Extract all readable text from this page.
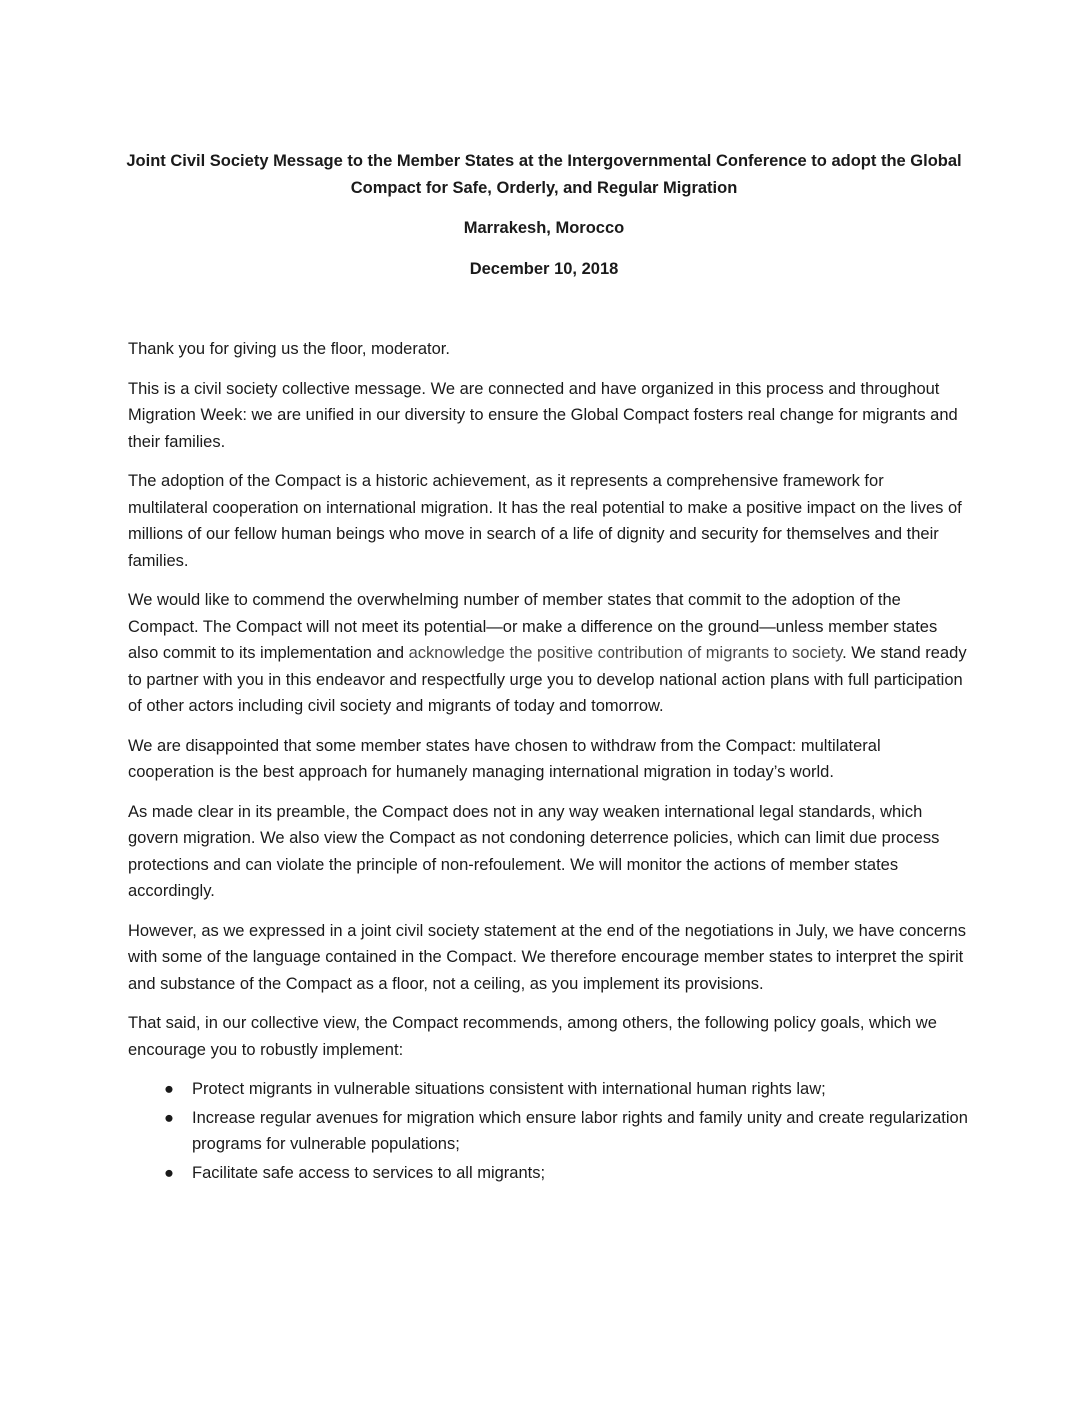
Joint Civil Society Message to the Member States at the Intergovernmental Conference to adopt the Global Compact for Safe, Orderly, and Regular Migration

Marrakesh, Morocco

December 10, 2018

Thank you for giving us the floor, moderator.

This is a civil society collective message. We are connected and have organized in this process and throughout Migration Week: we are unified in our diversity to ensure the Global Compact fosters real change for migrants and their families.

The adoption of the Compact is a historic achievement, as it represents a comprehensive framework for multilateral cooperation on international migration. It has the real potential to make a positive impact on the lives of millions of our fellow human beings who move in search of a life of dignity and security for themselves and their families.

We would like to commend the overwhelming number of member states that commit to the adoption of the Compact. The Compact will not meet its potential—or make a difference on the ground—unless member states also commit to its implementation and acknowledge the positive contribution of migrants to society. We stand ready to partner with you in this endeavor and respectfully urge you to develop national action plans with full participation of other actors including civil society and migrants of today and tomorrow.

We are disappointed that some member states have chosen to withdraw from the Compact: multilateral cooperation is the best approach for humanely managing international migration in today’s world.

As made clear in its preamble, the Compact does not in any way weaken international legal standards, which govern migration. We also view the Compact as not condoning deterrence policies, which can limit due process protections and can violate the principle of non-refoulement. We will monitor the actions of member states accordingly.

However, as we expressed in a joint civil society statement at the end of the negotiations in July, we have concerns with some of the language contained in the Compact. We therefore encourage member states to interpret the spirit and substance of the Compact as a floor, not a ceiling, as you implement its provisions.

That said, in our collective view, the Compact recommends, among others, the following policy goals, which we encourage you to robustly implement:

● Protect migrants in vulnerable situations consistent with international human rights law;
● Increase regular avenues for migration which ensure labor rights and family unity and create regularization programs for vulnerable populations;
● Facilitate safe access to services to all migrants;
